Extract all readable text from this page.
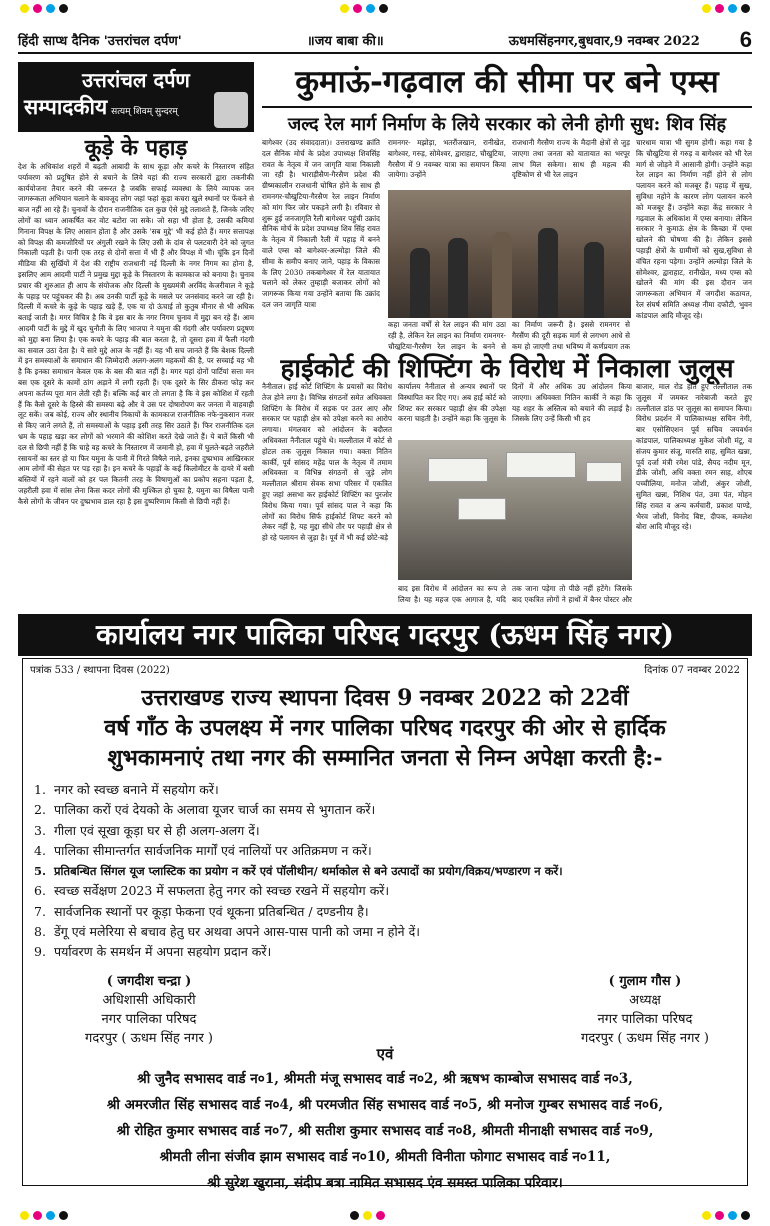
हिंदी साप्ध दैनिक 'उत्तरांचल दर्पण'	॥जय बाबा की॥	ऊधमसिंहनगर,बुधवार,9 नवम्बर 2022 6
उत्तरांचल दर्पण
सम्पादकीय सत्यम् शिवम् सुन्दरम्
कूड़े के पहाड़
देश के अधिकांश शहरों में बढ़ती आबादी के साथ कूड़ा और कचरे के निस्तारण संहित पर्यावरण को प्रदूषित होने से बचाने के लिये यहां की राज्य सरकारों द्वारा तकनीकी कार्ययोजना तैयार करने की जरूरत है जबकि सफाई व्यवस्था के लिये व्यापक जन जागरूकता अभियान चलाने के बावजूद लोग जहां फहां कूड़ा कचरा खुले स्थानों पर फेंकने से बाज नहीं आ रहे हैं। चुनावों के दौरान राजनीतिक दल कुछ ऐसे मुद्दे तलाशते हैं, जिनके जरिए लोगों का ध्यान आकर्षित कर वोट बटोरा जा सके। जो सहा भी होता है, उसकी कमियां गिनाना विपक्ष के लिए आसान होता है और उसके 'सब मुद्दे' भी कई होते हैं। मगर सत्तापक्ष को विपक्ष की कमजोरियों पर अंगुली रखने के लिए उसी के दांव से पलटवारी देने को जुगत निकाली पड़ती है। पानी एक तरह से दोनों सत्ता में भी हैं और विपक्ष में भी। चूंकि इन दिनों मीडिया की सुर्खियों में देश की राष्ट्रीय राजधानी नई दिल्ली के नगर निगम का होना है, इसलिए आम आदमी पार्टी ने प्रमुख मुद्दा कूड़े के निस्तारण के कामकाज को बनाया है। चुनाव प्रचार की शुरुआत ही आप के संयोजक और दिल्ली के मुख्यमंत्री अरविंद केजरीवाल ने कूड़े के पहाड़ पर पहुंचकर की है। अब उनकी पार्टी कूड़े के मसले पर जनसंवाद करने जा रही है। दिल्ली में कचरे के कूड़े के पहाड़ खड़े हैं, एक या दो ऊंचाई तो कुतुब मीनार से भी अधिक बताई जाती है। मगर विचित्र है कि वे इस बार के नगर निगम चुनाव में मुद्दा बन रहे हैं। आम आदमी पार्टी के मुद्दे में खुद चुनौती के लिए भाजपा ने यमुना की गंदगी और पर्यावरण प्रदूषण को मुद्दा बना लिया है। एक कचरे के पहाड़ की बात करता है, तो दूसरा हवा में फैली गंदगी का सवाल उठा देता है। ये सारे मुद्दे आज के नहीं हैं। यह भी सच जानते हैं कि बेशक दिल्ली में इन समस्याओं के समाधान की जिम्मेदारी अलग-अलग महकमों की है, पर सच्चाई यह भी है कि इनका समाधान केवल एक के बस की बात नहीं है। मगर यहां दोनों पार्टियां सत्ता मन बस एक दूसरे के कामों ठांग अड़ाने में लगी रहती हैं। एक दूसरे के सिर ठीकरा फोड़ कर अपना कर्तव्य पूरा मान लेती रही हैं। बल्कि कई बार तो लगता है कि वे इस कोशिश में रहती हैं कि कैसे दूसरे के हिस्से की समस्या बढ़े और वे उस पर दोषारोपण कर जनता में वाहवाही लूट सकें। जब कोई, राज्य और स्थानीय निकायों के कामकाज राजनीतिक नफे-नुकसान नजर से किए जाने लगते हैं, तो समस्याओं के पहाड़ इसी तरह सिर उठाते हैं। फिर राजनीतिक दल भ्रम के पहाड़ खड़ा कर लोगों को भरमाने की कोशिश करते देखे जाते हैं। ये बातें किसी भी दल से छिपी नहीं हैं कि चाहे वह कचरे के निस्तारण में जमानी हो, हवा में घुलते-बढ़ते जहरीले रसायनों का स्तर हो या फिर यमुना के पानी में गिरते विषैले नाले, इनका दुष्प्रभाव आखिरकार आम लोगों की सेहत पर पड़ रहा है। इन कचरे के पहाड़ों के कई किलोमीटर के दायरे में बसी बस्तियों में रहने वालों को हर पल कितनी तरह के विषाणुओं का प्रकोप सहना पड़ता है, जहरीली हवा में सांस लेना किस कदर लोगों की मुश्किल हो चुका है, यमुना का विषैला पानी कैसे लोगों के जीवन पर दुष्प्रभाव डाल रहा है इस दुष्परिणाम किसी से छिपी नहीं हैं।
कुमाऊं-गढ़वाल की सीमा पर बने एम्स
जल्द रेल मार्ग निर्माण के लिये सरकार को लेनी होगी सुध: शिव सिंह
बागेश्वर (उद संवाददाता)। उत्तराखण्ड क्रांति दल सैनिक मोर्च के प्रदेश उपाध्यक्ष शिवसिंह रावत के नेतृत्व में जन जागृति यात्रा निकाली जा रही है। भाराड़ीसैण-गैरसैण प्रदेश की ग्रीष्मकालीन राजधानी घोषित होने के साथ ही रामनगर-चौखुटिया-गैरसैण रेल लाइन निर्माण को मांग फिर जोर पकड़ने लगी है। रविवार से शुरू हुई जनजागृति रैली बागेश्वर पहुंची उक्रांद सैनिक मोर्च के प्रदेश उपाध्यक्ष शिव सिंह रावत के नेतृत्व में निकाली रैली में पहाड़ में बनने वाले एम्स को बागेश्वर-अल्मोड़ा जिले की सीमा के समीप बनाए जाने, पहाड़ के विकास के लिए 2030 तकबागेश्वर में रेल यातायात चलाने को लेकर तुम्हाड़ी बजाकर लोगों को जागरूक किया गया उन्होंने बताया कि उक्रांद दल जन जागृति यात्रा
रामनगर- मझोड़ा, भतरौंजखान, रानीखेत, बागेश्वर, गरुड़, सोमेश्वर, द्वाराहाट, चौखुटिया, गैरसैण में 9 नवम्बर यात्रा का समापन किया जायेगा। उन्होंने
राजधानी गैरसैण राज्य के मैदानी क्षेत्रों से जुड़ जाएगा तथा जनता को यातायात का भरपूर लाभ मिल सकेगा। साथ ही महत्व की दृष्टिकोण से भी रेल लाइन
कहा जनता वर्षों से रेल लाइन की मांग उठा रही है, लेकिन रेल लाइन का निर्माण रामनगर-चौखुटिया-गैरसैण रेल लाइन के बनने से
का निर्माण जरूरी है। इससे रामनगर से गैरसैंण की दूरी सड़क मार्ग से लगभग आधे से कम हो जाएगी तथा भविष्य में कर्णप्रयाग तक
चारधाम यात्रा भी सुगम होगी। कहा गया है कि चौखुटिया से गरुड़ व बागेश्वर को भी रेल मार्ग से जोड़ने में आसानी होगी। उन्होंने कहा रेल लाइन का निर्माण नहीं होने से लोग पलायन करने को मजबूर हैं। पहाड़ में सुख, सुविधा नहोने के कारण लोग पलायन करने को मजबूर हैं। उन्होंने कहा केंद्र सरकार ने गढ़वाल के अधिकांश में एम्स बनाया। लेकिन सरकार ने कुमाऊं क्षेत्र के किच्छा में एम्स खोलने की घोषणा की है। लेकिन इससे पहाड़ी क्षेत्रों के ग्रामीणों को सुख,सुविधा से वंचित रहना पड़ेगा। उन्होंने अल्मोड़ा जिले के सोमेश्वर, द्वाराहाट, रानीखेत, मध्य एम्स को खोलने की मांग की इस दौरान जन जागरूकता अभियान में जगदीश कठायत, रेल संघर्ष समिति अध्यक्ष नीमा दफौटी, भुवन कांडपाल आदि मौजूद रहे।
हाईकोर्ट की शिफ्टिंग के विरोध में निकाला जुलूस
नैनीताल। हाई कोर्ट शिफ्टिंग के प्रयासों का विरोध तेज होने लगा है। विभिन्न संगठनों समेत अधिवक्ता शिफ्टिंग के विरोध में सड़क पर उतर आए और सरकार पर पहाड़ी क्षेत्र को उपेक्षा करने का आरोप लगाया। मंगलवार को आंदोलन के बदौलत अधिवक्ता नैनीताल पहुंचे थे। मल्लीताल में कोर्ट से होटल तक जुलूस निकाल गया। वक्ता नितिन कार्की, पूर्व सांसद महेंद्र पाल के नेतृत्व में तमाम अधिवक्ता व विभिन्न संगठनों से जुड़े लोग मल्लीताल श्रीराम सेवक सभा परिसर में एकत्रित हुए जहां असभा कर हाईकोर्ट शिफ्टिंग का पुरजोर विरोध किया गया। पूर्व सांसद पाल ने कहा कि लोगों का विरोध सिर्फ हाईकोर्ट शिफ्ट करने को लेकर नहीं है, यह मुद्दा सीधे तौर पर पहाड़ी क्षेत्र से हो रहे पलायन से जुड़ा है। पूर्व में भी कई छोटे-बड़े
कार्यालय नैनीताल से अन्यत्र स्थानों पर विस्थापित कर दिए गए। अब हाई कोर्ट को शिफ्ट कर सरकार पहाड़ी क्षेत्र की उपेक्षा करना चाहती है। उन्होंने कहा कि जुलूस के
दिनों में और अधिक उग्र आंदोलन किया जाएगा। अधिवक्ता नितिन कार्की ने कहा कि यह शहर के अस्तित्व को बचाने की लड़ाई है। जिसके लिए उन्हें किसी भी हद
बाद इस विरोध में आंदोलन का रूप ले लिया है। यह महज एक आगाज है, यदि
तक जाना पड़ेगा तो पीछे नहीं हटेंगे। जिसके बाद एकत्रित लोगों ने हाथों में बैनर पोस्टर और
बाजार, माल रोड होते हुए तल्लीताल तक जुलूस में जमकर नारेबाजी करते हुए तल्लीताल डांठ पर जुलूस का समापन किया। विरोध प्रदर्शन में पालिकाध्यक्ष सचिन नेगी, बार एसोसिएशन पूर्व सचिव जयवर्धन कांडपाल, पालिकाध्यक्ष मुकेश जोशी मंटू, व संजय कुमार संजू, मारुति साह, सुमित खन्ना, पूर्व दर्जा मंत्री रमेश पांडे, सैयद नदीम मून, डीके जोशी, अधि वक्ता रमन साह, शोएब पच्चीलिया, मनोज जोशी, अंकुर जोशी, सुमित खन्ना, निशिथ पंत, उमा पंत, मोहन सिंह रावत व अन्य कर्मचारी, प्रकाश पाण्डे, भैरव जोशी, विनोद बिष्ट, दीपक, कमलेश बोरा आदि मौजूद रहे।
कार्यालय नगर पालिका परिषद गदरपुर (ऊधम सिंह नगर)
पत्रांक 533 / स्थापना दिवस (2022)	दिनांक 07 नवम्बर 2022
उत्तराखण्ड राज्य स्थापना दिवस 9 नवम्बर 2022 को 22वीं
वर्ष गाँठ के उपलक्ष्य में नगर पालिका परिषद गदरपुर की ओर से हार्दिक
शुभकामनाएं तथा नगर की सम्मानित जनता से निम्न अपेक्षा करती है:-
1. नगर को स्वच्छ बनाने में सहयोग करें।
2. पालिका करों एवं देयको के अलावा यूजर चार्ज का समय से भुगतान करें।
3. गीला एवं सूखा कूड़ा घर से ही अलग-अलग दें।
4. पालिका सीमान्तर्गत सार्वजनिक मार्गों एवं नालियों पर अतिक्रमण न करें।
5. प्रतिबन्धित सिंगल यूज प्लास्टिक का प्रयोग न करें एवं पॉलीथीन/ थर्माकोल से बने उत्पादों का प्रयोग/विक्रय/भण्डारण न करें।
6. स्वच्छ सर्वेक्षण 2023 में सफलता हेतु नगर को स्वच्छ रखने में सहयोग करें।
7. सार्वजनिक स्थानों पर कूड़ा फेकना एवं थूकना प्रतिबन्धित / दण्डनीय है।
8. डेंगू एवं मलेरिया से बचाव हेतु घर अथवा अपने आस-पास पानी को जमा न होने दें।
9. पर्यावरण के समर्थन में अपना सहयोग प्रदान करें।
( जगदीश चन्द्रा )
अधिशासी अधिकारी
नगर पालिका परिषद
गदरपुर ( ऊधम सिंह नगर )
( गुलाम गौस )
अध्यक्ष
नगर पालिका परिषद
गदरपुर ( ऊधम सिंह नगर )
एवं
श्री जुनैद सभासद वार्ड न०1, श्रीमती मंजू सभासद वार्ड न०2, श्री ऋषभ काम्बोज सभासद वार्ड न०3,
श्री अमरजीत सिंह सभासद वार्ड न०4, श्री परमजीत सिंह सभासद वार्ड न०5, श्री मनोज गुम्बर सभासद वार्ड न०6,
श्री रोहित कुमार सभासद वार्ड न०7, श्री सतीश कुमार सभासद वार्ड न०8, श्रीमती मीनाक्षी सभासद वार्ड न०9,
श्रीमती लीना संजीव झाम सभासद वार्ड न०10, श्रीमती विनीता फोगाट सभासद वार्ड न०11,
श्री सुरेश खुराना, संदीप बत्रा नामित सभासद एंव समस्त पालिका परिवार।
